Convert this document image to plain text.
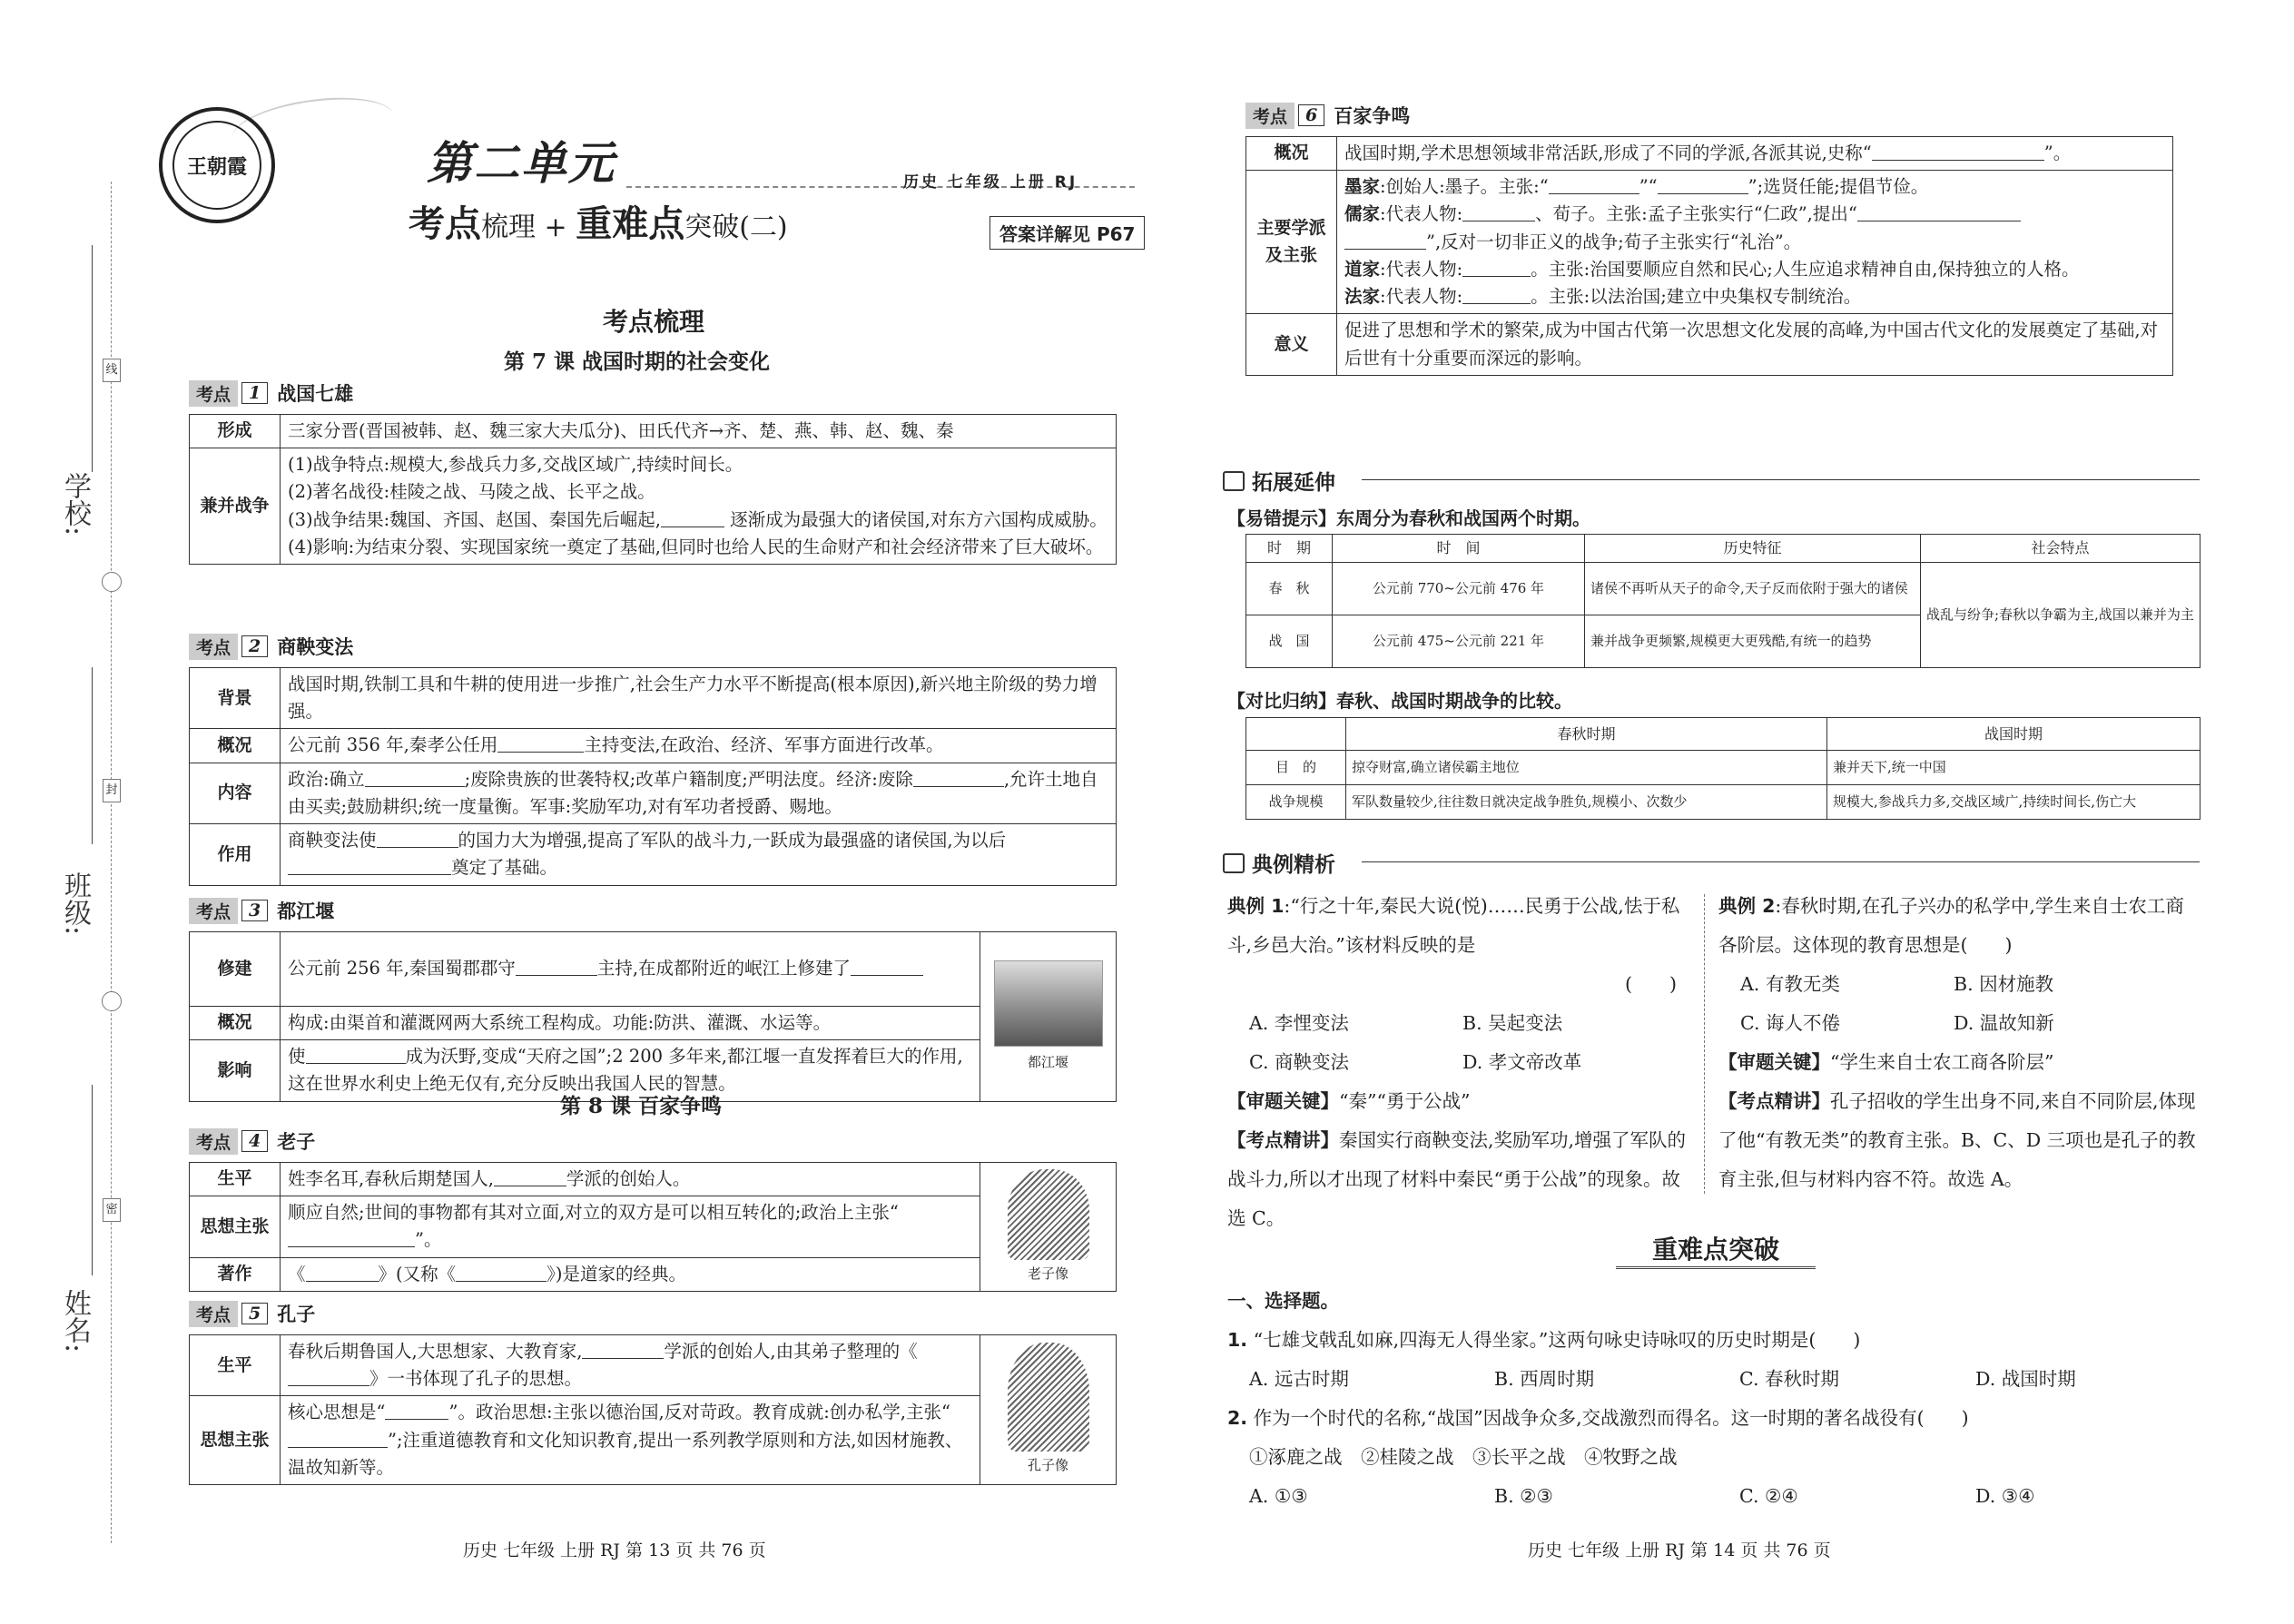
学校:
班级:
姓名:
线
封
密
王朝霞	第二单元
考点梳理 + 重难点突破(二)
历史 七年级 上册 RJ
答案详解见 P67
考点梳理
第 7 课 战国时期的社会变化
考点	1 战国七雄
形成	三家分晋(晋国被韩、赵、魏三家大夫瓜分)、田氏代齐→齐、楚、燕、韩、赵、魏、秦
兼并战争	(1)战争特点:规模大,参战兵力多,交战区域广,持续时间长。
(2)著名战役:桂陵之战、马陵之战、长平之战。
(3)战争结果:魏国、齐国、赵国、秦国先后崛起, 逐渐成为最强大的诸侯国,对东方六国构成威胁。
(4)影响:为结束分裂、实现国家统一奠定了基础,但同时也给人民的生命财产和社会经济带来了巨大破坏。
考点	2 商鞅变法
背景	战国时期,铁制工具和牛耕的使用进一步推广,社会生产力水平不断提高(根本原因),新兴地主阶级的势力增强。
概况	公元前 356 年,秦孝公任用 主持变法,在政治、经济、军事方面进行改革。
内容	政治:确立 ;废除贵族的世袭特权;改革户籍制度;严明法度。经济:废除 ,允许土地自由买卖;鼓励耕织;统一度量衡。军事:奖励军功,对有军功者授爵、赐地。
作用	商鞅变法使 的国力大为增强,提高了军队的战斗力,一跃成为最强盛的诸侯国,为以后奠定了基础。
考点	3 都江堰
修建	公元前 256 年,秦国蜀郡郡守 主持,在成都附近的岷江上修建了	都江堰
概况	构成:由渠首和灌溉网两大系统工程构成。功能:防洪、灌溉、水运等。	
影响	使 成为沃野,变成“天府之国”;2 200 多年来,都江堰一直发挥着巨大的作用,这在世界水利史上绝无仅有,充分反映出我国人民的智慧。	
第 8 课 百家争鸣
考点	4 老子
生平	姓李名耳,春秋后期楚国人, 学派的创始人。	老子像
思想主张	顺应自然;世间的事物都有其对立面,对立的双方是可以相互转化的;政治上主张“”。	
著作	《 》(又称《 》)是道家的经典。	
考点	5 孔子
生平	春秋后期鲁国人,大思想家、大教育家, 学派的创始人,由其弟子整理的《》一书体现了孔子的思想。	孔子像
思想主张	核心思想是“ ”。政治思想:主张以德治国,反对苛政。教育成就:创办私学,主张“”;注重道德教育和文化知识教育,提出一系列教学原则和方法,如因材施教、温故知新等。	
历史 七年级 上册 RJ 第 13 页 共 76 页
考点	6 百家争鸣
概况	战国时期,学术思想领域非常活跃,形成了不同的学派,各派其说,史称“ ”。
主要学派及主张	墨家:创始人:墨子。主张:“ ”“ ”;选贤任能;提倡节俭。
儒家:代表人物: 、荀子。主张:孟子主张实行“仁政”,提出“
”,反对一切非正义的战争;荀子主张实行“礼治”。
道家:代表人物: 。主张:治国要顺应自然和民心;人生应追求精神自由,保持独立的人格。
法家:代表人物: 。主张:以法治国;建立中央集权专制统治。

意义	促进了思想和学术的繁荣,成为中国古代第一次思想文化发展的高峰,为中国古代文化的发展奠定了基础,对后世有十分重要而深远的影响。
拓展延伸
【易错提示】东周分为春秋和战国两个时期。
时　期	时　间	历史特征	社会特点
春　秋	公元前 770~公元前 476 年	诸侯不再听从天子的命令,天子反而依附于强大的诸侯	战乱与纷争;春秋以争霸为主,战国以兼并为主
战　国	公元前 475~公元前 221 年	兼并战争更频繁,规模更大更残酷,有统一的趋势	
【对比归纳】春秋、战国时期战争的比较。
	春秋时期	战国时期
目　的	掠夺财富,确立诸侯霸主地位	兼并天下,统一中国
战争规模	军队数量较少,往往数日就决定战争胜负,规模小、次数少	规模大,参战兵力多,交战区域广,持续时间长,伤亡大
典例精析
典例 1:“行之十年,秦民大说(悦)……民勇于公战,怯于私斗,乡邑大治。”该材料反映的是
(　　)
A. 李悝变法	B. 吴起变法
C. 商鞅变法	D. 孝文帝改革
【审题关键】“秦”“勇于公战”
【考点精讲】秦国实行商鞅变法,奖励军功,增强了军队的战斗力,所以才出现了材料中秦民“勇于公战”的现象。故选 C。
典例 2:春秋时期,在孔子兴办的私学中,学生来自士农工商各阶层。这体现的教育思想是(　　)
A. 有教无类	B. 因材施教
C. 诲人不倦	D. 温故知新
【审题关键】“学生来自士农工商各阶层”
【考点精讲】孔子招收的学生出身不同,来自不同阶层,体现了他“有教无类”的教育主张。B、C、D 三项也是孔子的教育主张,但与材料内容不符。故选 A。
重难点突破
一、选择题。
1. “七雄戈戟乱如麻,四海无人得坐家。”这两句咏史诗咏叹的历史时期是(　　)
A. 远古时期	B. 西周时期	C. 春秋时期	D. 战国时期
2. 作为一个时代的名称,“战国”因战争众多,交战激烈而得名。这一时期的著名战役有(　　)
①涿鹿之战　②桂陵之战　③长平之战　④牧野之战
A. ①③	B. ②③	C. ②④	D. ③④
历史 七年级 上册 RJ 第 14 页 共 76 页
